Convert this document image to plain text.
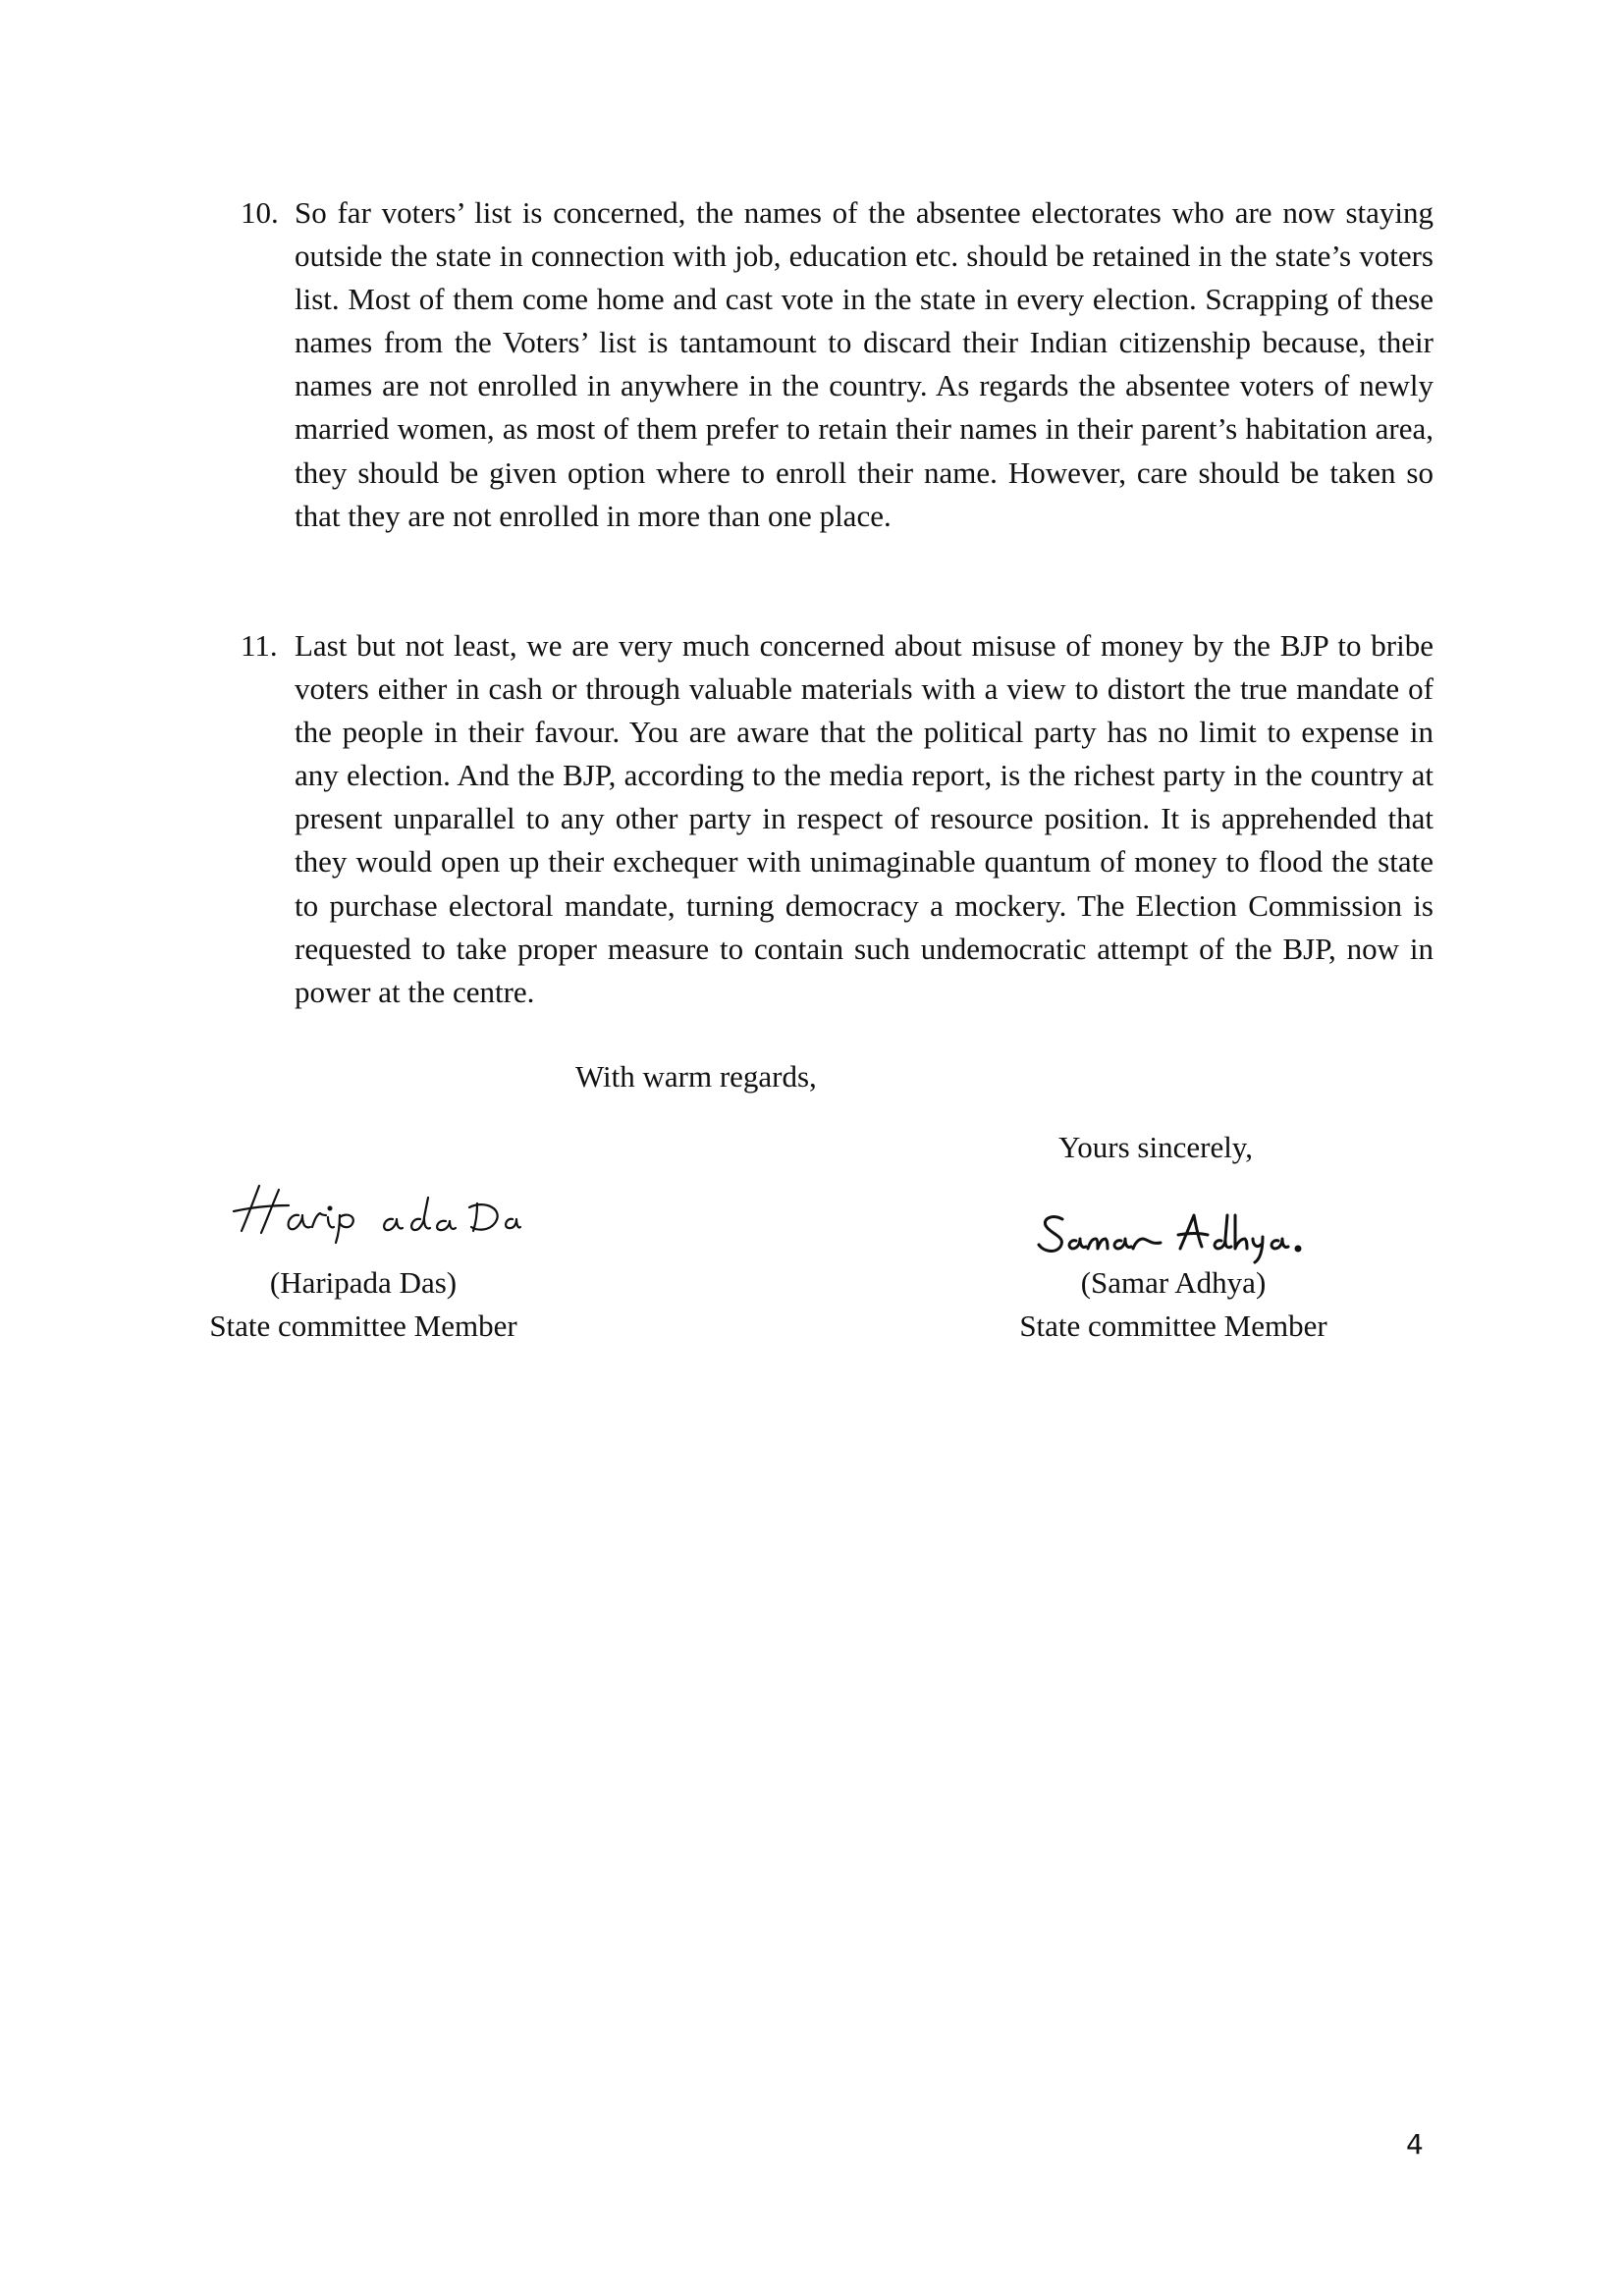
10. So far voters’ list is concerned, the names of the absentee electorates who are now staying outside the state in connection with job, education etc. should be retained in the state’s voters list. Most of them come home and cast vote in the state in every election. Scrapping of these names from the Voters’ list is tantamount to discard their Indian citizenship because, their names are not enrolled in anywhere in the country. As regards the absentee voters of newly married women, as most of them prefer to retain their names in their parent’s habitation area, they should be given option where to enroll their name. However, care should be taken so that they are not enrolled in more than one place.
11. Last but not least, we are very much concerned about misuse of money by the BJP to bribe voters either in cash or through valuable materials with a view to distort the true mandate of the people in their favour. You are aware that the political party has no limit to expense in any election. And the BJP, according to the media report, is the richest party in the country at present unparallel to any other party in respect of resource position. It is apprehended that they would open up their exchequer with unimaginable quantum of money to flood the state to purchase electoral mandate, turning democracy a mockery. The Election Commission is requested to take proper measure to contain such undemocratic attempt of the BJP, now in power at the centre.
With warm regards,
Yours sincerely,
(Haripada Das)
State committee Member
(Samar Adhya)
State committee Member
4
